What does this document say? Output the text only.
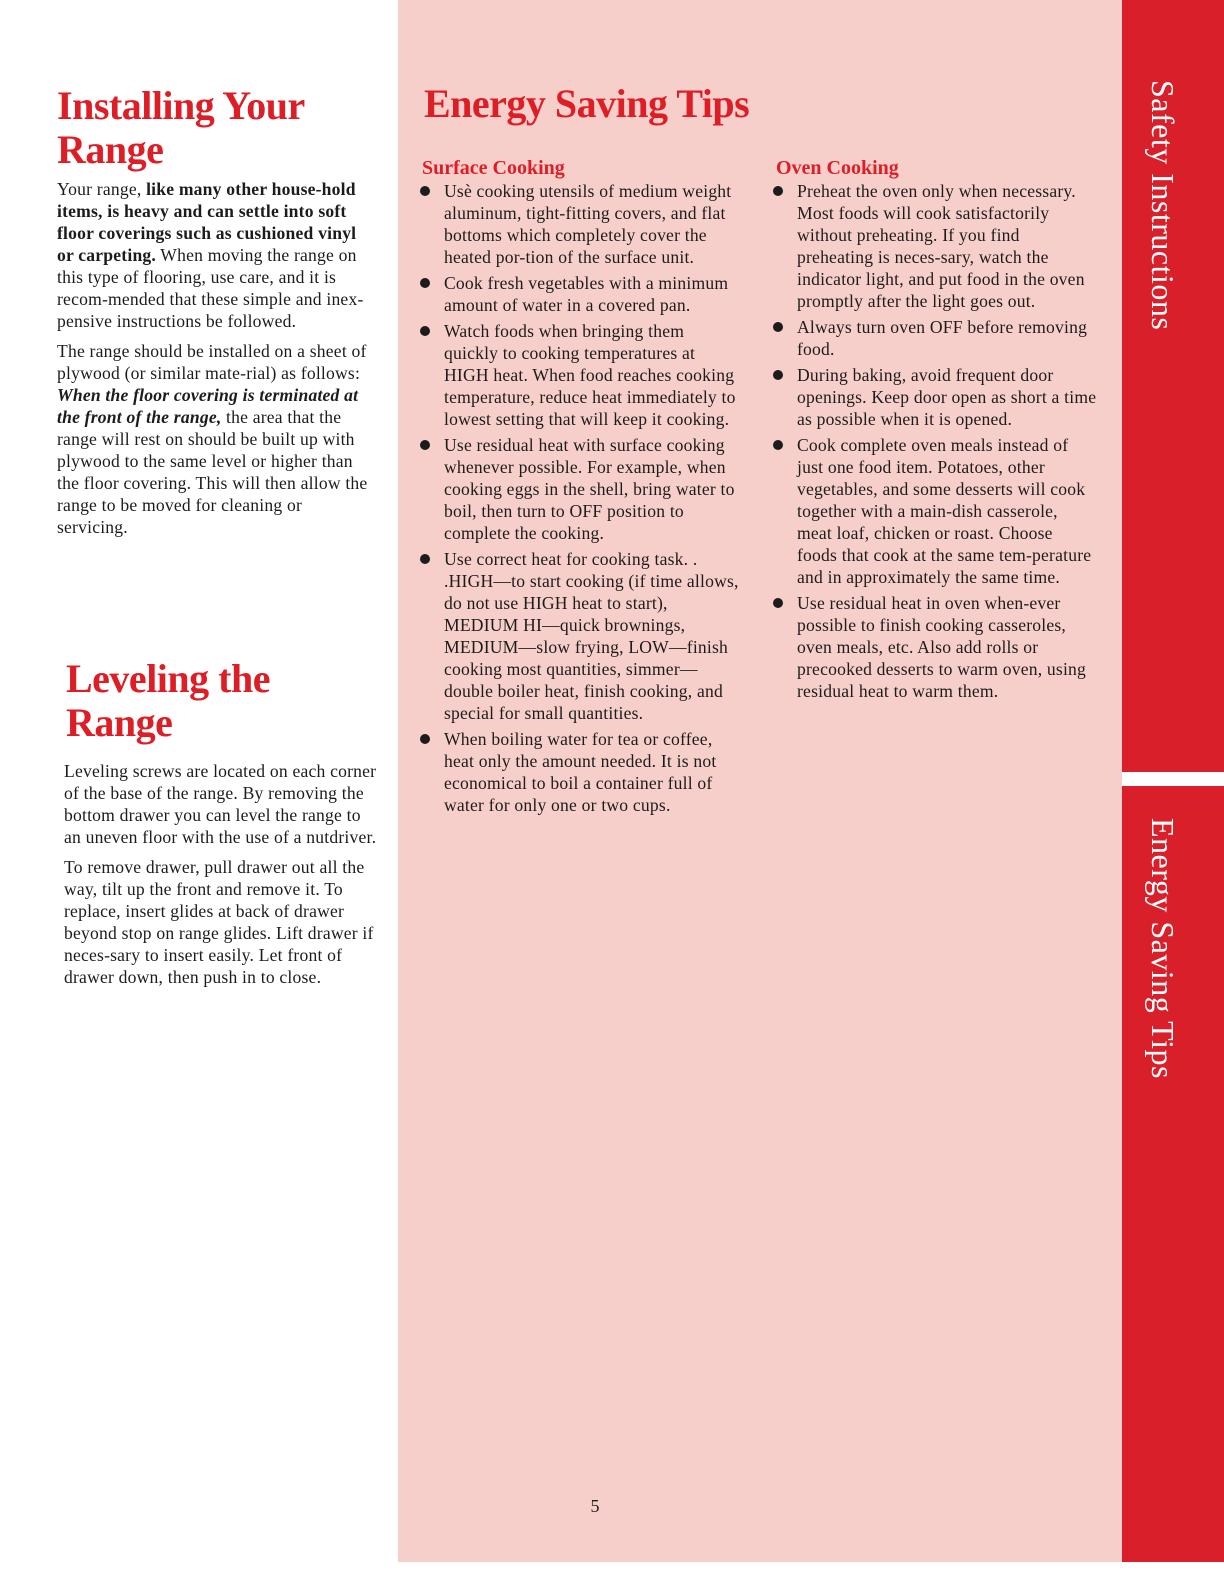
Safety Instructions
Energy Saving Tips
Installing Your
Range

Your range, like many other house-hold items, is heavy and can settle into soft floor coverings such as cushioned vinyl or carpeting. When moving the range on this type of flooring, use care, and it is recom-mended that these simple and inex-pensive instructions be followed.

The range should be installed on a sheet of plywood (or similar mate-rial) as follows: When the floor covering is terminated at the front of the range, the area that the range will rest on should be built up with plywood to the same level or higher than the floor covering. This will then allow the range to be moved for cleaning or servicing.

Leveling the
Range

Leveling screws are located on each corner of the base of the range. By removing the bottom drawer you can level the range to an uneven floor with the use of a nutdriver.

To remove drawer, pull drawer out all the way, tilt up the front and remove it. To replace, insert glides at back of drawer beyond stop on range glides. Lift drawer if neces-sary to insert easily. Let front of drawer down, then push in to close.

Energy Saving Tips
Surface Cooking
Usè cooking utensils of medium weight aluminum, tight-fitting covers, and flat bottoms which completely cover the heated por-tion of the surface unit.
Cook fresh vegetables with a minimum amount of water in a covered pan.
Watch foods when bringing them quickly to cooking temperatures at HIGH heat. When food reaches cooking temperature, reduce heat immediately to lowest setting that will keep it cooking.
Use residual heat with surface cooking whenever possible. For example, when cooking eggs in the shell, bring water to boil, then turn to OFF position to complete the cooking.
Use correct heat for cooking task. . .HIGH—to start cooking (if time allows, do not use HIGH heat to start), MEDIUM HI—quick brownings, MEDIUM—slow frying, LOW—finish cooking most quantities, simmer—double boiler heat, finish cooking, and special for small quantities.
When boiling water for tea or coffee, heat only the amount needed. It is not economical to boil a container full of water for only one or two cups.
Oven Cooking
Preheat the oven only when necessary. Most foods will cook satisfactorily without preheating. If you find preheating is neces-sary, watch the indicator light, and put food in the oven promptly after the light goes out.
Always turn oven OFF before removing food.
During baking, avoid frequent door openings. Keep door open as short a time as possible when it is opened.
Cook complete oven meals instead of just one food item. Potatoes, other vegetables, and some desserts will cook together with a main-dish casserole, meat loaf, chicken or roast. Choose foods that cook at the same tem-perature and in approximately the same time.
Use residual heat in oven when-ever possible to finish cooking casseroles, oven meals, etc. Also add rolls or precooked desserts to warm oven, using residual heat to warm them.
5
